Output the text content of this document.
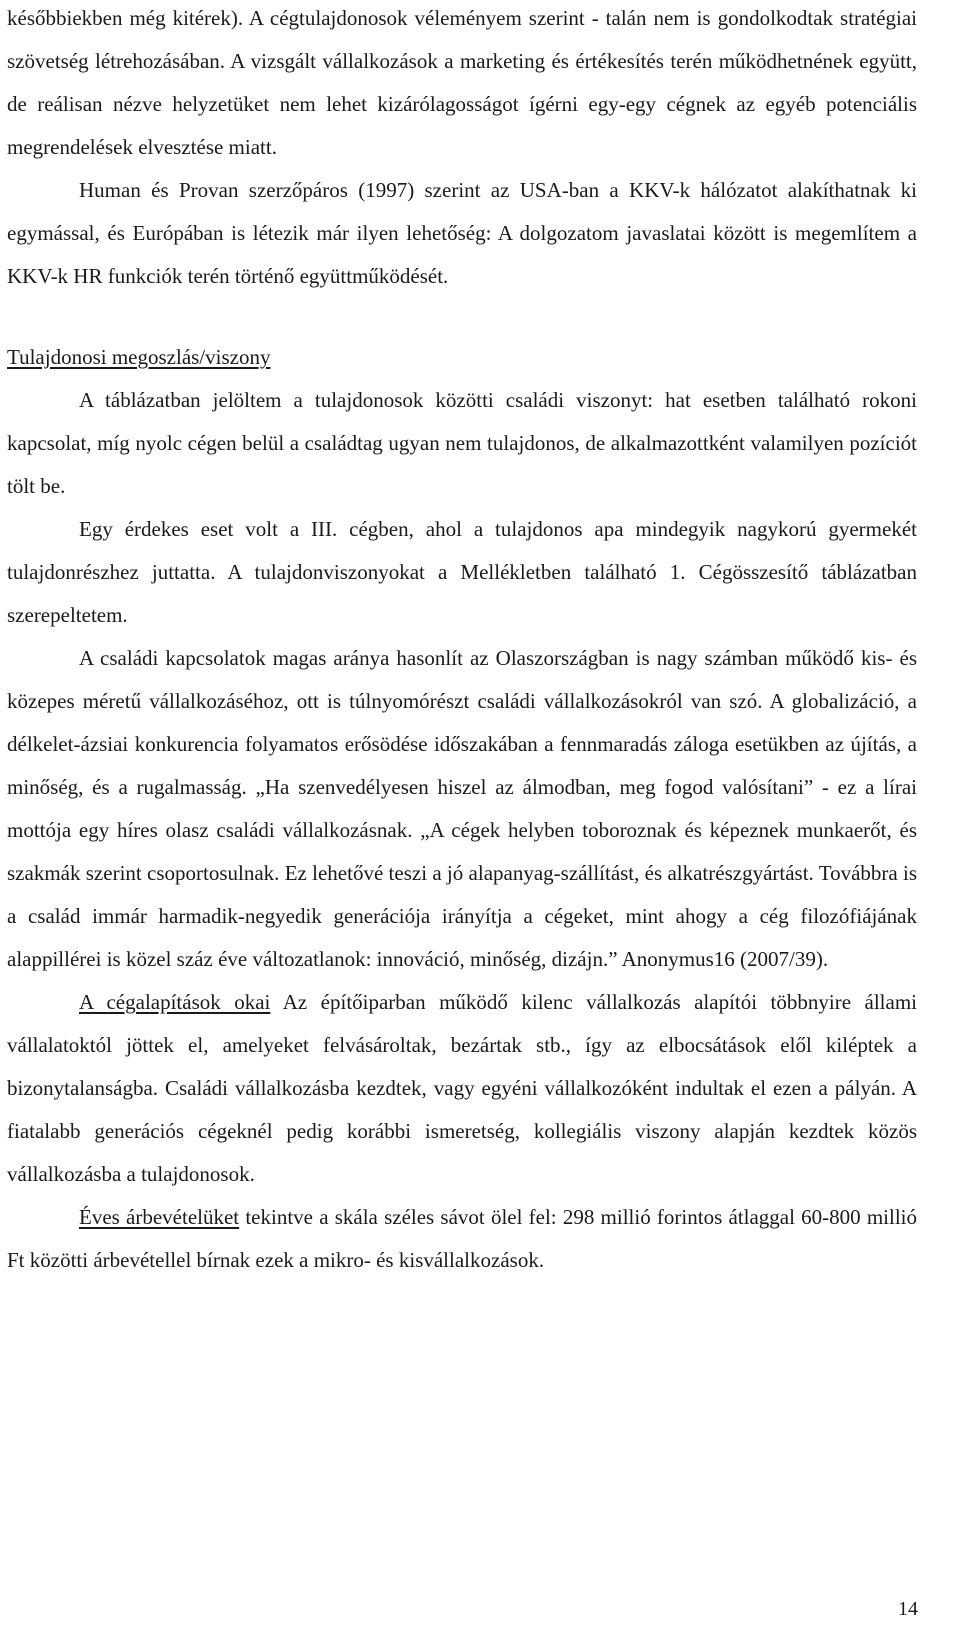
későbbiekben még kitérek). A cégtulajdonosok véleményem szerint - talán nem is gondolkodtak stratégiai szövetség létrehozásában. A vizsgált vállalkozások a marketing és értékesítés terén működhetnének együtt, de reálisan nézve helyzetüket nem lehet kizárólagosságot ígérni egy-egy cégnek az egyéb potenciális megrendelések elvesztése miatt.

Human és Provan szerzőpáros (1997) szerint az USA-ban a KKV-k hálózatot alakíthatnak ki egymással, és Európában is létezik már ilyen lehetőség: A dolgozatom javaslatai között is megemlítem a KKV-k HR funkciók terén történő együttműködését.

Tulajdonosi megoszlás/viszony

A táblázatban jelöltem a tulajdonosok közötti családi viszonyt: hat esetben található rokoni kapcsolat, míg nyolc cégen belül a családtag ugyan nem tulajdonos, de alkalmazottként valamilyen pozíciót tölt be.

Egy érdekes eset volt a III. cégben, ahol a tulajdonos apa mindegyik nagykorú gyermekét tulajdonrészhez juttatta. A tulajdonviszonyokat a Mellékletben található 1. Cégösszesítő táblázatban szerepeltetem.

A családi kapcsolatok magas aránya hasonlít az Olaszországban is nagy számban működő kis- és közepes méretű vállalkozáséhoz, ott is túlnyomórészt családi vállalkozásokról van szó. A globalizáció, a délkelet-ázsiai konkurencia folyamatos erősödése időszakában a fennmaradás záloga esetükben az újítás, a minőség, és a rugalmasság. „Ha szenvedélyesen hiszel az álmodban, meg fogod valósítani” - ez a lírai mottója egy híres olasz családi vállalkozásnak. „A cégek helyben toboroznak és képeznek munkaerőt, és szakmák szerint csoportosulnak. Ez lehetővé teszi a jó alapanyag-szállítást, és alkatrészgyártást. Továbbra is a család immár harmadik-negyedik generációja irányítja a cégeket, mint ahogy a cég filozófiájának alappillérei is közel száz éve változatlanok: innováció, minőség, dizájn.” Anonymus16 (2007/39).

A cégalapítások okai Az építőiparban működő kilenc vállalkozás alapítói többnyire állami vállalatoktól jöttek el, amelyeket felvásároltak, bezártak stb., így az elbocsátások elől kiléptek a bizonytalanságba. Családi vállalkozásba kezdtek, vagy egyéni vállalkozóként indultak el ezen a pályán. A fiatalabb generációs cégeknél pedig korábbi ismeretség, kollegiális viszony alapján kezdtek közös vállalkozásba a tulajdonosok.

Éves árbevételüket tekintve a skála széles sávot ölel fel: 298 millió forintos átlaggal 60-800 millió Ft közötti árbevétellel bírnak ezek a mikro- és kisvállalkozások.

14
